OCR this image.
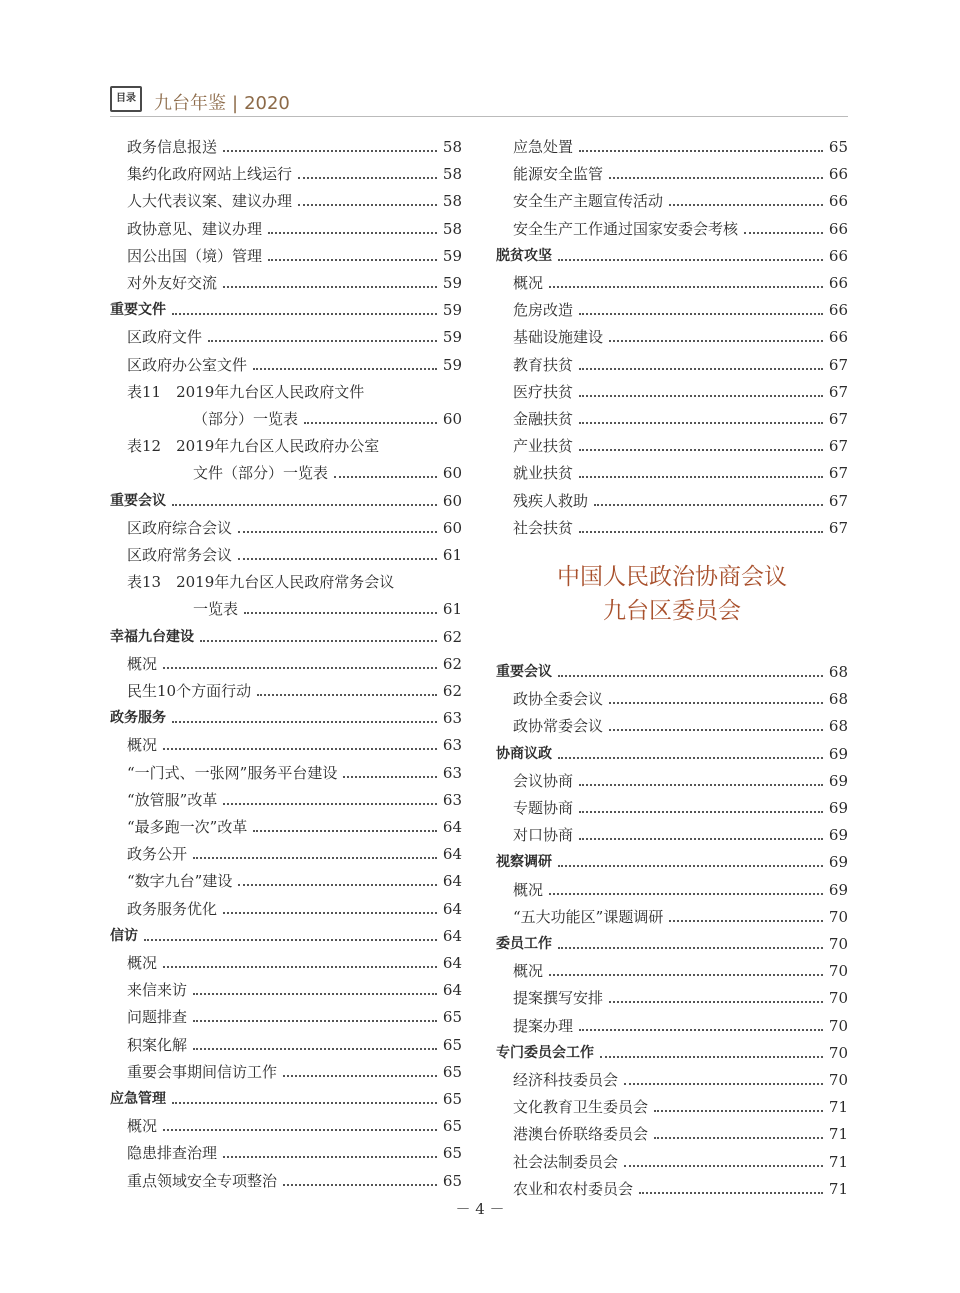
目录	九台年鉴 | 2020
政务信息报送	58
集约化政府网站上线运行	58
人大代表议案、建议办理	58
政协意见、建议办理	58
因公出国（境）管理	59
对外友好交流	59
重要文件	59
区政府文件	59
区政府办公室文件	59
表11　2019年九台区人民政府文件
（部分）一览表	60
表12　2019年九台区人民政府办公室
文件（部分）一览表	60
重要会议	60
区政府综合会议	60
区政府常务会议	61
表13　2019年九台区人民政府常务会议
一览表	61
幸福九台建设	62
概况	62
民生10个方面行动	62
政务服务	63
概况	63
“一门式、一张网”服务平台建设	63
“放管服”改革	63
“最多跑一次”改革	64
政务公开	64
“数字九台”建设	64
政务服务优化	64
信访	64
概况	64
来信来访	64
问题排查	65
积案化解	65
重要会事期间信访工作	65
应急管理	65
概况	65
隐患排查治理	65
重点领域安全专项整治	65
应急处置	65
能源安全监管	66
安全生产主题宣传活动	66
安全生产工作通过国家安委会考核	66
脱贫攻坚	66
概况	66
危房改造	66
基础设施建设	66
教育扶贫	67
医疗扶贫	67
金融扶贫	67
产业扶贫	67
就业扶贫	67
残疾人救助	67
社会扶贫	67
中国人民政治协商会议
九台区委员会
重要会议	68
政协全委会议	68
政协常委会议	68
协商议政	69
会议协商	69
专题协商	69
对口协商	69
视察调研	69
概况	69
“五大功能区”课题调研	70
委员工作	70
概况	70
提案撰写安排	70
提案办理	70
专门委员会工作	70
经济科技委员会	70
文化教育卫生委员会	71
港澳台侨联络委员会	71
社会法制委员会	71
农业和农村委员会	71
－ 4 －
